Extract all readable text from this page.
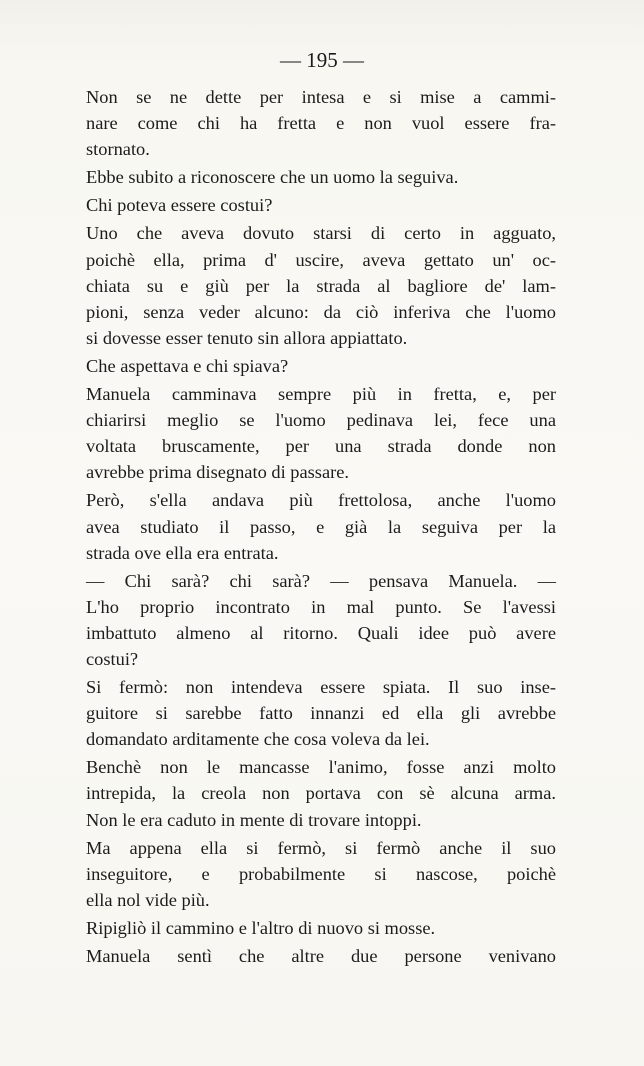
— 195 —

Non se ne dette per intesa e si mise a cammi-
nare come chi ha fretta e non vuol essere fra-
stornato.

Ebbe subito a riconoscere che un uomo la seguiva.

Chi poteva essere costui?

Uno che aveva dovuto starsi di certo in agguato,
poichè ella, prima d' uscire, aveva gettato un' oc-
chiata su e giù per la strada al bagliore de' lam-
pioni, senza veder alcuno: da ciò inferiva che l'uomo
si dovesse esser tenuto sin allora appiattato.

Che aspettava e chi spiava?

Manuela camminava sempre più in fretta, e, per
chiarirsi meglio se l'uomo pedinava lei, fece una
voltata bruscamente, per una strada donde non
avrebbe prima disegnato di passare.

Però, s'ella andava più frettolosa, anche l'uomo
avea studiato il passo, e già la seguiva per la
strada ove ella era entrata.

— Chi sarà? chi sarà? — pensava Manuela. —
L'ho proprio incontrato in mal punto. Se l'avessi
imbattuto almeno al ritorno. Quali idee può avere
costui?

Si fermò: non intendeva essere spiata. Il suo inse-
guitore si sarebbe fatto innanzi ed ella gli avrebbe
domandato arditamente che cosa voleva da lei.

Benchè non le mancasse l'animo, fosse anzi molto
intrepida, la creola non portava con sè alcuna arma.
Non le era caduto in mente di trovare intoppi.

Ma appena ella si fermò, si fermò anche il suo
inseguitore, e probabilmente si nascose, poichè
ella nol vide più.

Ripigliò il cammino e l'altro di nuovo si mosse.

Manuela sentì che altre due persone venivano
